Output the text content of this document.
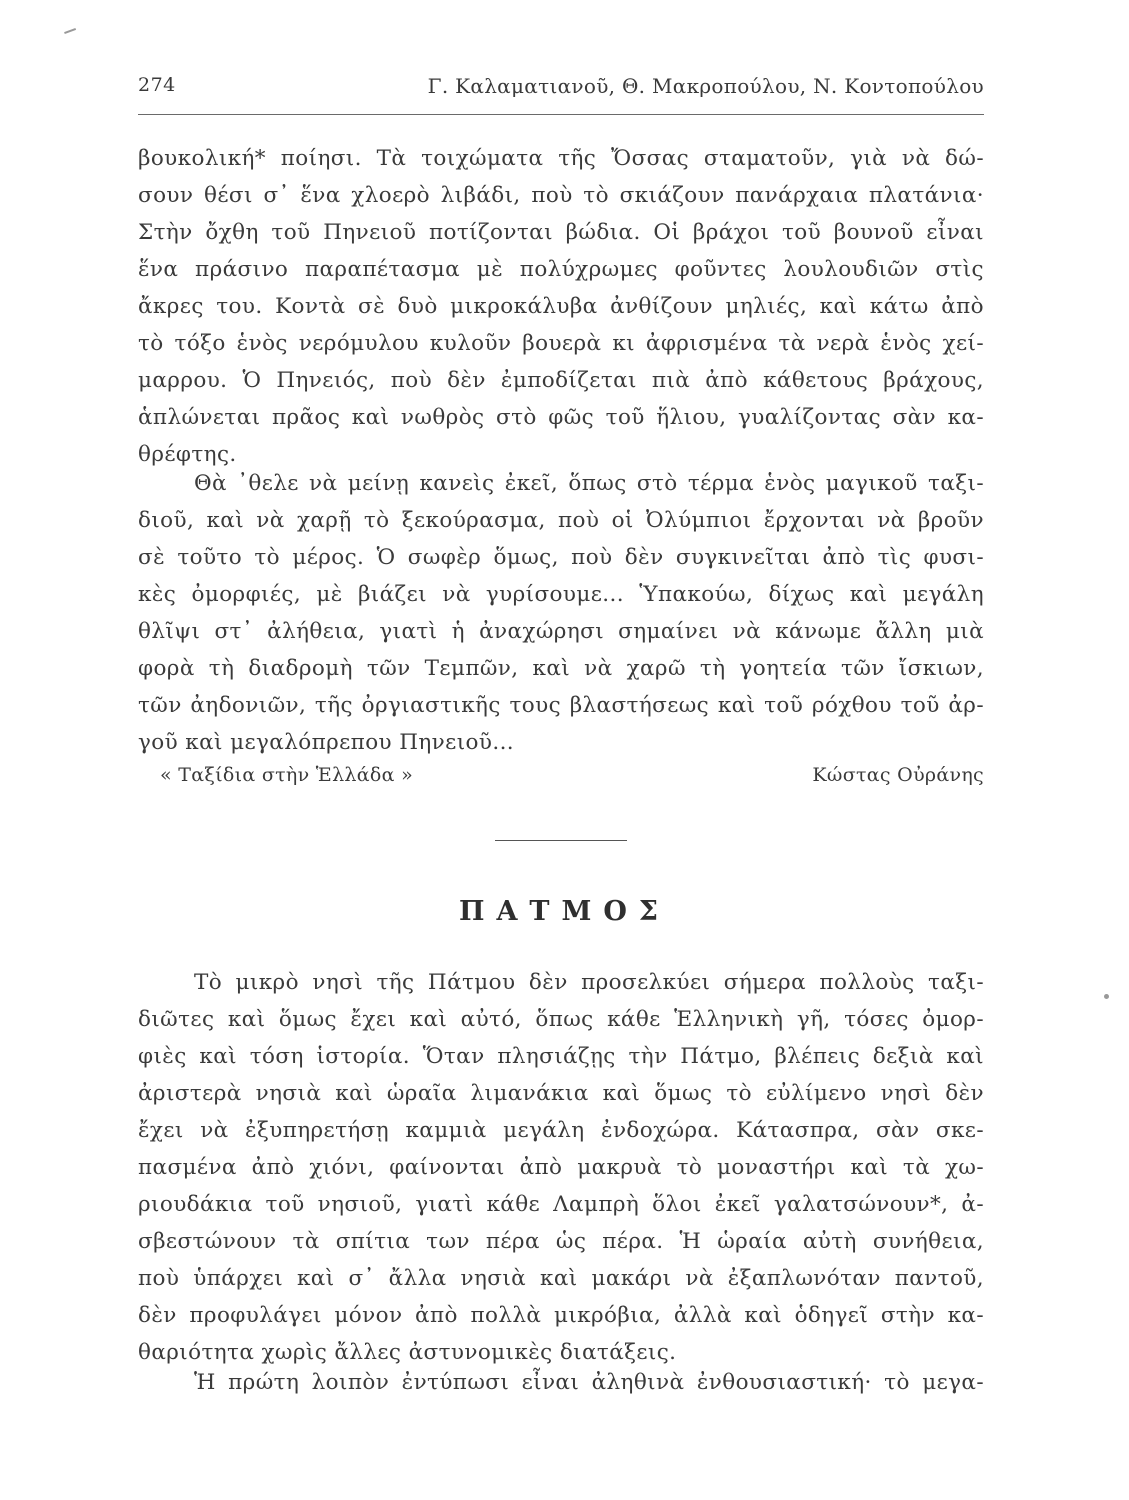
274	Γ. Καλαματιανοῦ, Θ. Μακροπούλου, Ν. Κοντοπούλου
βουκολική* ποίησι. Τὰ τοιχώματα τῆς Ὄσσας σταματοῦν, γιὰ νὰ δώ-
σουν θέσι σ᾽ ἕνα χλοερὸ λιβάδι, ποὺ τὸ σκιάζουν πανάρχαια πλατάνια·
Στὴν ὄχθη τοῦ Πηνειοῦ ποτίζονται βώδια. Οἱ βράχοι τοῦ βουνοῦ εἶναι
ἕνα πράσινο παραπέτασμα μὲ πολύχρωμες φοῦντες λουλουδιῶν στὶς
ἄκρες του. Κοντὰ σὲ δυὸ μικροκάλυβα ἀνθίζουν μηλιές, καὶ κάτω ἀπὸ
τὸ τόξο ἑνὸς νερόμυλου κυλοῦν βουερὰ κι ἀφρισμένα τὰ νερὰ ἑνὸς χεί-
μαρρου. Ὁ Πηνειός, ποὺ δὲν ἐμποδίζεται πιὰ ἀπὸ κάθετους βράχους,
ἁπλώνεται πρᾶος καὶ νωθρὸς στὸ φῶς τοῦ ἥλιου, γυαλίζοντας σὰν κα-
θρέφτης.
Θὰ ᾽θελε νὰ μείνῃ κανεὶς ἐκεῖ, ὅπως στὸ τέρμα ἑνὸς μαγικοῦ ταξι-
διοῦ, καὶ νὰ χαρῇ τὸ ξεκούρασμα, ποὺ οἱ Ὀλύμπιοι ἔρχονται νὰ βροῦν
σὲ τοῦτο τὸ μέρος. Ὁ σωφὲρ ὅμως, ποὺ δὲν συγκινεῖται ἀπὸ τὶς φυσι-
κὲς ὀμορφιές, μὲ βιάζει νὰ γυρίσουμε... Ὑπακούω, δίχως καὶ μεγάλη
θλῖψι στ᾽ ἀλήθεια, γιατὶ ἡ ἀναχώρησι σημαίνει νὰ κάνωμε ἄλλη μιὰ
φορὰ τὴ διαδρομὴ τῶν Τεμπῶν, καὶ νὰ χαρῶ τὴ γοητεία τῶν ἴσκιων,
τῶν ἀηδονιῶν, τῆς ὀργιαστικῆς τους βλαστήσεως καὶ τοῦ ρόχθου τοῦ ἀρ-
γοῦ καὶ μεγαλόπρεπου Πηνειοῦ...
« Ταξίδια στὴν Ἑλλάδα »	Κώστας Οὐράνης
ΠΑΤΜΟΣ
Τὸ μικρὸ νησὶ τῆς Πάτμου δὲν προσελκύει σήμερα πολλοὺς ταξι-
διῶτες καὶ ὅμως ἔχει καὶ αὐτό, ὅπως κάθε Ἑλληνικὴ γῆ, τόσες ὀμορ-
φιὲς καὶ τόση ἱστορία. Ὅταν πλησιάζῃς τὴν Πάτμο, βλέπεις δεξιὰ καὶ
ἀριστερὰ νησιὰ καὶ ὡραῖα λιμανάκια καὶ ὅμως τὸ εὐλίμενο νησὶ δὲν
ἔχει νὰ ἐξυπηρετήσῃ καμμιὰ μεγάλη ἐνδοχώρα. Κάτασπρα, σὰν σκε-
πασμένα ἀπὸ χιόνι, φαίνονται ἀπὸ μακρυὰ τὸ μοναστήρι καὶ τὰ χω-
ριουδάκια τοῦ νησιοῦ, γιατὶ κάθε Λαμπρὴ ὅλοι ἐκεῖ γαλατσώνουν*, ἀ-
σβεστώνουν τὰ σπίτια των πέρα ὡς πέρα. Ἡ ὡραία αὐτὴ συνήθεια,
ποὺ ὑπάρχει καὶ σ᾽ ἄλλα νησιὰ καὶ μακάρι νὰ ἐξαπλωνόταν παντοῦ,
δὲν προφυλάγει μόνον ἀπὸ πολλὰ μικρόβια, ἀλλὰ καὶ ὁδηγεῖ στὴν κα-
θαριότητα χωρὶς ἄλλες ἀστυνομικὲς διατάξεις.
Ἡ πρώτη λοιπὸν ἐντύπωσι εἶναι ἀληθινὰ ἐνθουσιαστική· τὸ μεγα-
